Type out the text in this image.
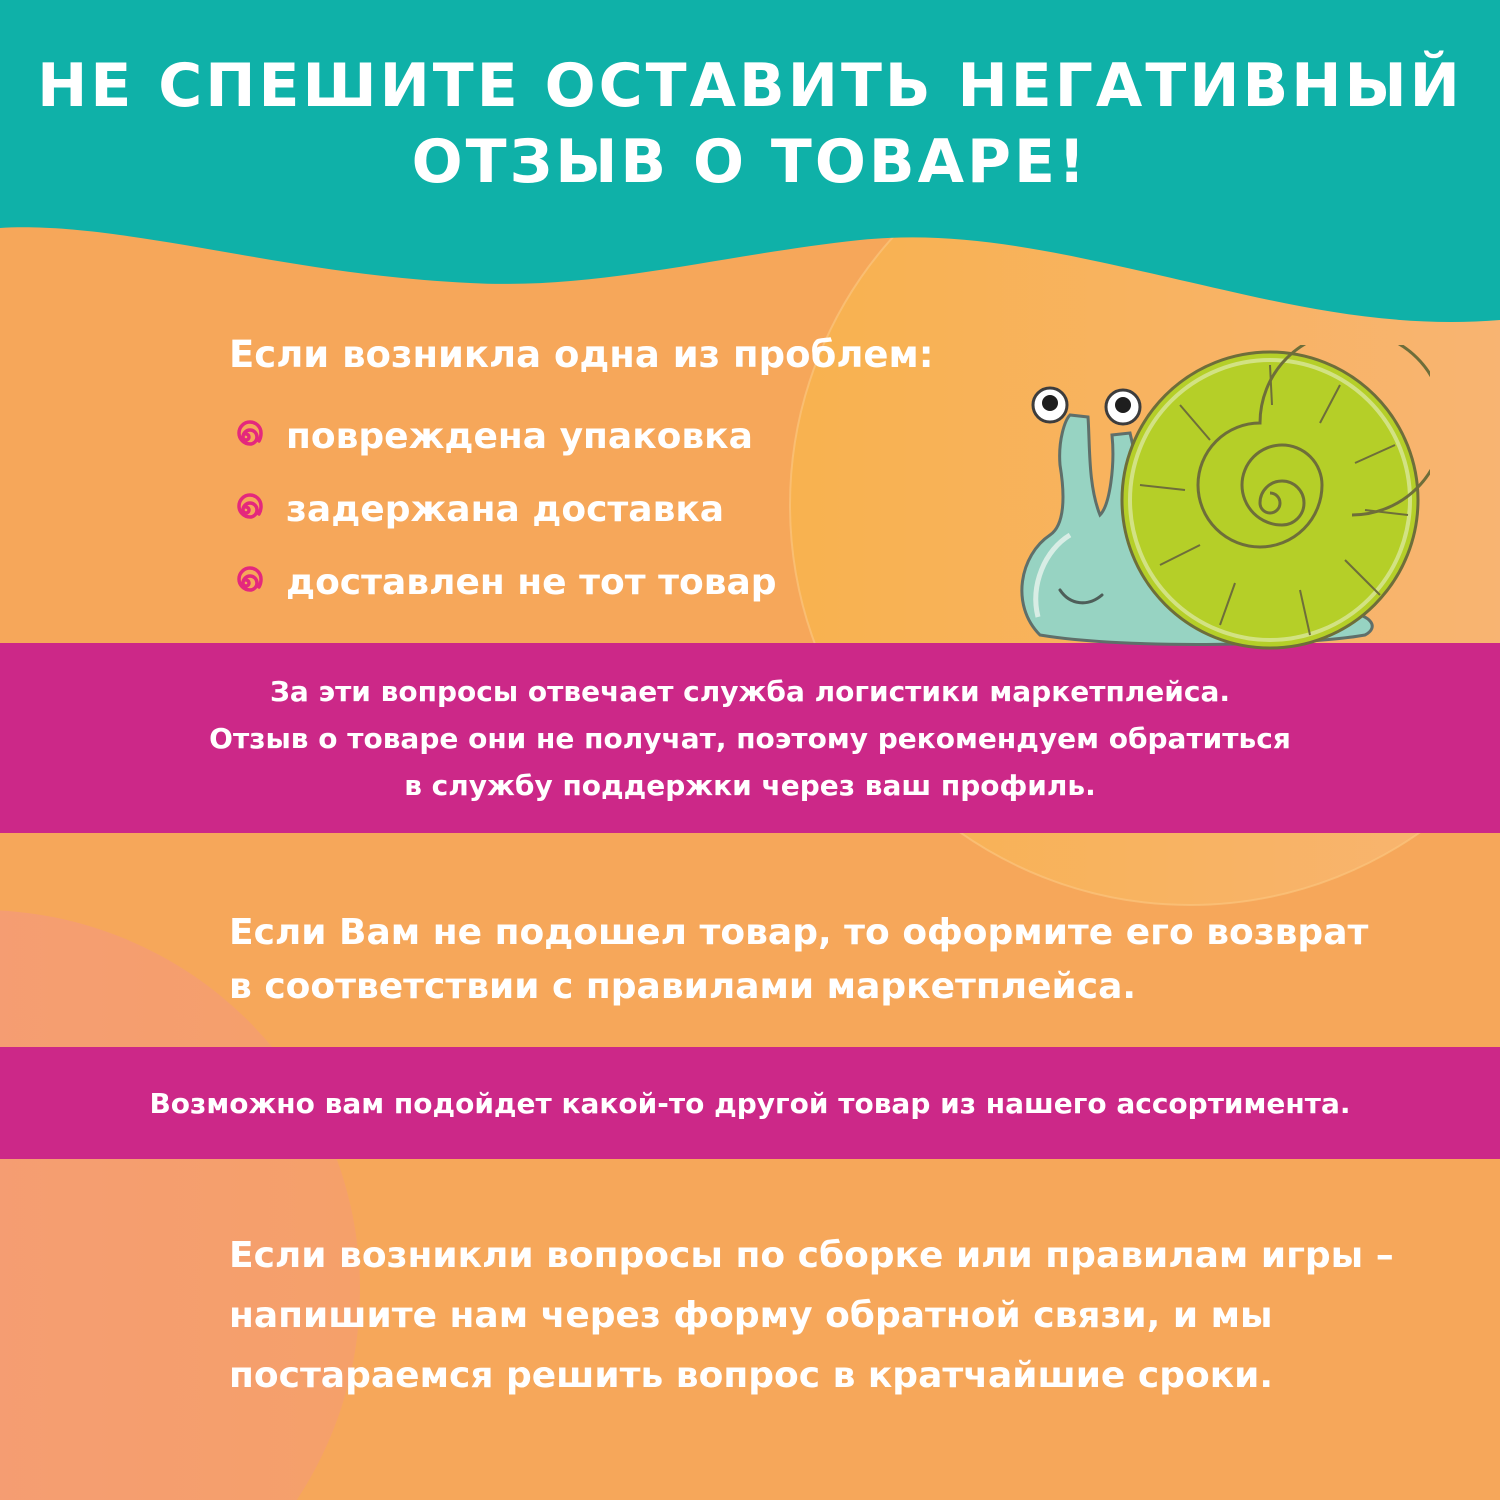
НЕ СПЕШИТЕ ОСТАВИТЬ НЕГАТИВНЫЙ
ОТЗЫВ О ТОВАРЕ!

Если возникла одна из проблем:

повреждена упаковка
задержана доставка
доставлен не тот товар
За эти вопросы отвечает служба логистики маркетплейса.
Отзыв о товаре они не получат, поэтому рекомендуем обратиться
в службу поддержки через ваш профиль.

Если Вам не подошел товар, то оформите его возврат
в соответствии с правилами маркетплейса.

Возможно вам подойдет какой-то другой товар из нашего ассортимента.

Если возникли вопросы по сборке или правилам игры –
напишите нам через форму обратной связи, и мы
постараемся решить вопрос в кратчайшие сроки.
